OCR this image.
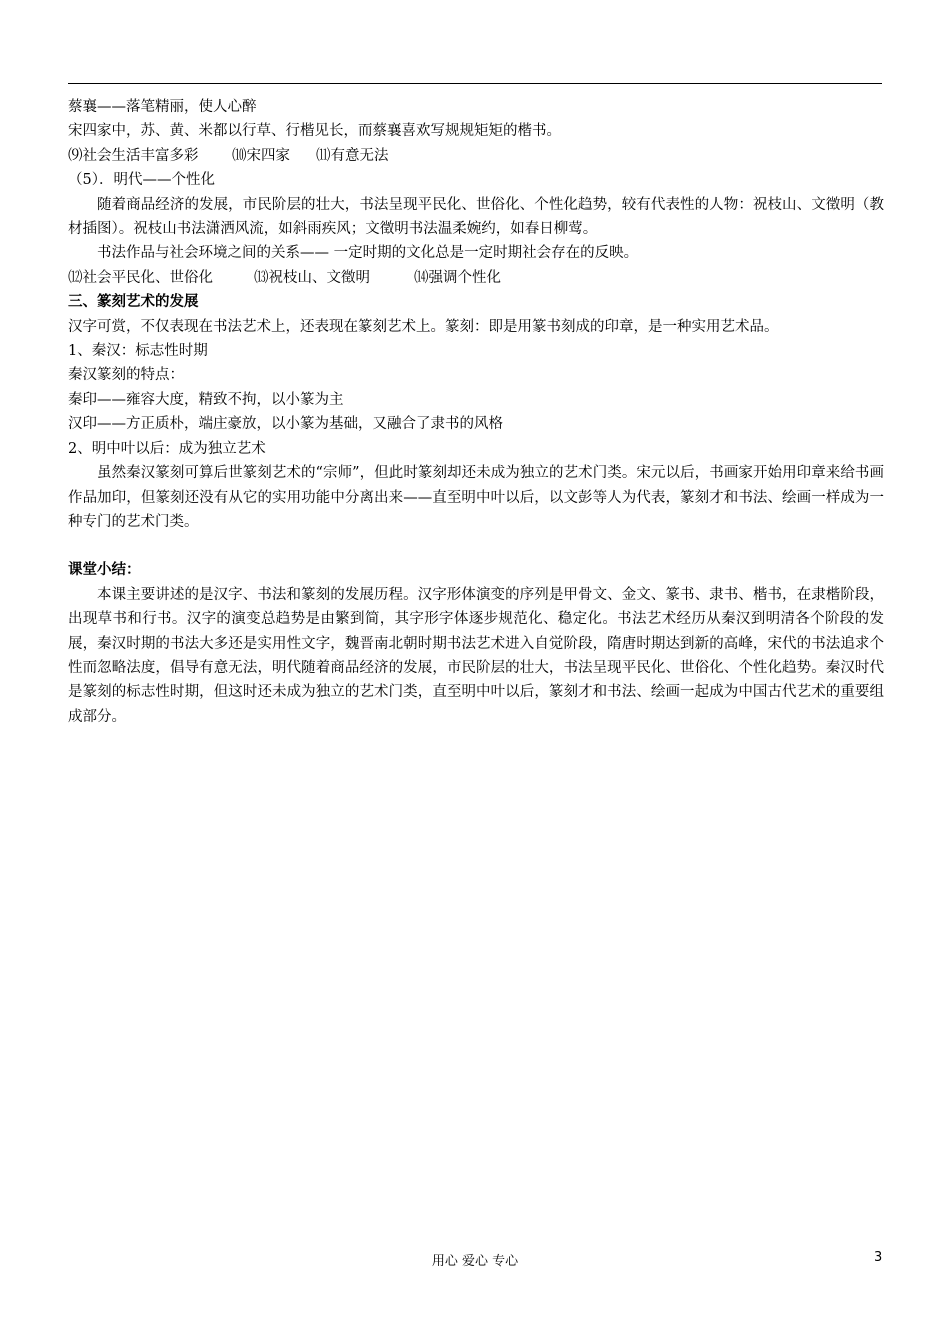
蔡襄——落笔精丽，使人心醉
宋四家中，苏、黄、米都以行草、行楷见长，而蔡襄喜欢写规规矩矩的楷书。
⑼社会生活丰富多彩 ⑽宋四家 ⑾有意无法
（5）．明代——个性化
随着商品经济的发展，市民阶层的壮大，书法呈现平民化、世俗化、个性化趋势，较有代表性的人物：祝枝山、文徵明（教材插图）。祝枝山书法潇洒风流，如斜雨疾风；文徵明书法温柔婉约，如春日柳莺。
书法作品与社会环境之间的关系—— 一定时期的文化总是一定时期社会存在的反映。
⑿社会平民化、世俗化	⒀祝枝山、文徵明	⒁强调个性化
三、篆刻艺术的发展
汉字可赏，不仅表现在书法艺术上，还表现在篆刻艺术上。篆刻：即是用篆书刻成的印章，是一种实用艺术品。
1、秦汉：标志性时期
秦汉篆刻的特点：
秦印——雍容大度，精致不拘，以小篆为主
汉印——方正质朴，端庄豪放，以小篆为基础，又融合了隶书的风格
2、明中叶以后：成为独立艺术
虽然秦汉篆刻可算后世篆刻艺术的“宗师”，但此时篆刻却还未成为独立的艺术门类。宋元以后，书画家开始用印章来给书画作品加印，但篆刻还没有从它的实用功能中分离出来——直至明中叶以后，以文彭等人为代表，篆刻才和书法、绘画一样成为一种专门的艺术门类。
课堂小结：
本课主要讲述的是汉字、书法和篆刻的发展历程。汉字形体演变的序列是甲骨文、金文、篆书、隶书、楷书，在隶楷阶段，出现草书和行书。汉字的演变总趋势是由繁到简，其字形字体逐步规范化、稳定化。书法艺术经历从秦汉到明清各个阶段的发展，秦汉时期的书法大多还是实用性文字，魏晋南北朝时期书法艺术进入自觉阶段，隋唐时期达到新的高峰，宋代的书法追求个性而忽略法度，倡导有意无法，明代随着商品经济的发展，市民阶层的壮大，书法呈现平民化、世俗化、个性化趋势。秦汉时代是篆刻的标志性时期，但这时还未成为独立的艺术门类，直至明中叶以后，篆刻才和书法、绘画一起成为中国古代艺术的重要组成部分。
用心 爱心 专心	3
